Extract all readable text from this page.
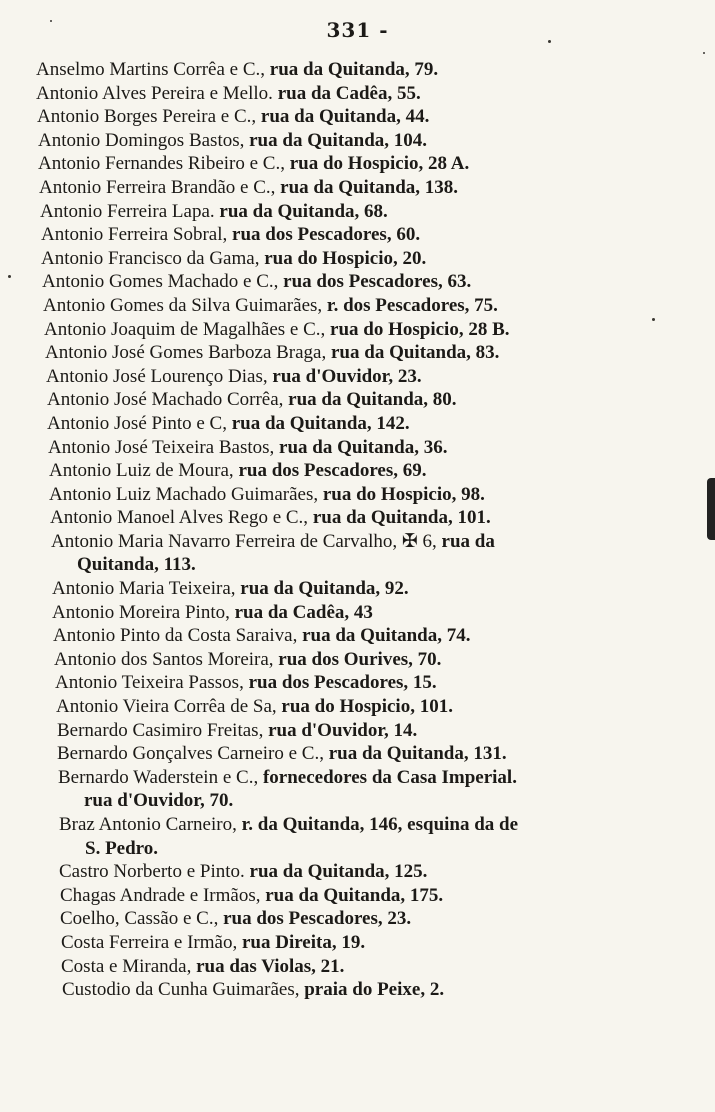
331 -
Anselmo Martins Corrêa e C., rua da Quitanda, 79.
Antonio Alves Pereira e Mello. rua da Cadêa, 55.
Antonio Borges Pereira e C., rua da Quitanda, 44.
Antonio Domingos Bastos, rua da Quitanda, 104.
Antonio Fernandes Ribeiro e C., rua do Hospicio, 28 A.
Antonio Ferreira Brandão e C., rua da Quitanda, 138.
Antonio Ferreira Lapa. rua da Quitanda, 68.
Antonio Ferreira Sobral, rua dos Pescadores, 60.
Antonio Francisco da Gama, rua do Hospicio, 20.
Antonio Gomes Machado e C., rua dos Pescadores, 63.
Antonio Gomes da Silva Guimarães, r. dos Pescadores, 75.
Antonio Joaquim de Magalhães e C., rua do Hospicio, 28 B.
Antonio José Gomes Barboza Braga, rua da Quitanda, 83.
Antonio José Lourenço Dias, rua d'Ouvidor, 23.
Antonio José Machado Corrêa, rua da Quitanda, 80.
Antonio José Pinto e C, rua da Quitanda, 142.
Antonio José Teixeira Bastos, rua da Quitanda, 36.
Antonio Luiz de Moura, rua dos Pescadores, 69.
Antonio Luiz Machado Guimarães, rua do Hospicio, 98.
Antonio Manoel Alves Rego e C., rua da Quitanda, 101.
Antonio Maria Navarro Ferreira de Carvalho, ✠ 6, rua da
Quitanda, 113.
Antonio Maria Teixeira, rua da Quitanda, 92.
Antonio Moreira Pinto, rua da Cadêa, 43
Antonio Pinto da Costa Saraiva, rua da Quitanda, 74.
Antonio dos Santos Moreira, rua dos Ourives, 70.
Antonio Teixeira Passos, rua dos Pescadores, 15.
Antonio Vieira Corrêa de Sa, rua do Hospicio, 101.
Bernardo Casimiro Freitas, rua d'Ouvidor, 14.
Bernardo Gonçalves Carneiro e C., rua da Quitanda, 131.
Bernardo Waderstein e C., fornecedores da Casa Imperial.
rua d'Ouvidor, 70.
Braz Antonio Carneiro, r. da Quitanda, 146, esquina da de
S. Pedro.
Castro Norberto e Pinto. rua da Quitanda, 125.
Chagas Andrade e Irmãos, rua da Quitanda, 175.
Coelho, Cassão e C., rua dos Pescadores, 23.
Costa Ferreira e Irmão, rua Direita, 19.
Costa e Miranda, rua das Violas, 21.
Custodio da Cunha Guimarães, praia do Peixe, 2.
